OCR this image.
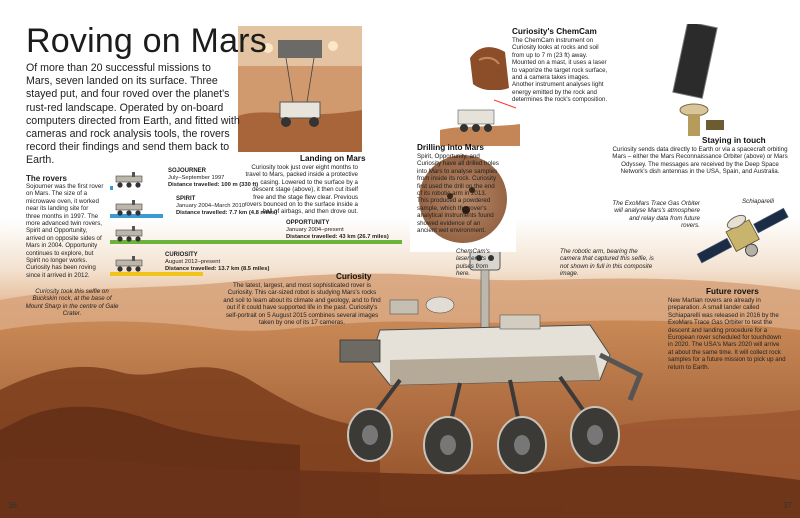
Roving on Mars
Of more than 20 successful missions to Mars, seven landed on its surface. Three stayed put, and four roved over the planet's rust-red landscape. Operated by on-board computers directed from Earth, and fitted with cameras and rock analysis tools, the rovers record their findings and send them back to Earth.
The rovers
Sojourner was the first rover on Mars. The size of a microwave oven, it worked near its landing site for three months in 1997. The more advanced twin rovers, Spirit and Opportunity, arrived on opposite sides of Mars in 2004. Opportunity continues to explore, but Spirit no longer works. Curiosity has been roving since it arrived in 2012.
SOJOURNER

July–September 1997
Distance travelled: 100 m (330 ft)
SPIRIT

January 2004–March 2010
Distance travelled: 7.7 km (4.8 miles)
OPPORTUNITY

January 2004–present
Distance travelled: 43 km (26.7 miles)
CURIOSITY

August 2012–present
Distance travelled: 13.7 km (8.5 miles)
Landing on Mars
Curiosity took just over eight months to travel to Mars, packed inside a protective casing. Lowered to the surface by a descent stage (above), it then cut itself free and the stage flew clear. Previous rovers bounced on to the surface inside a ball of airbags, and then drove out.
Curiosity's ChemCam
The ChemCam instrument on Curiosity looks at rocks and soil from up to 7 m (23 ft) away. Mounted on a mast, it uses a laser to vaporize the target rock surface, and a camera takes images. Another instrument analyses light energy emitted by the rock and determines the rock's composition.
Drilling into Mars
Spirit, Opportunity, and Curiosity have all drilled holes into Mars to analyse samples from inside its rock. Curiosity first used the drill on the end of its robotic arm in 2013. This produced a powdered sample, which the rover's analytical instruments found showed evidence of an ancient wet environment.
Staying in touch
Curiosity sends data directly to Earth or via a spacecraft orbiting Mars – either the Mars Reconnaissance Orbiter (above) or Mars Odyssey. The messages are received by the Deep Space Network's dish antennas in the USA, Spain, and Australia.
The ExoMars Trace Gas Orbiter will analyse Mars's atmosphere and relay data from future rovers.
Schiaparelli
Future rovers
New Martian rovers are already in preparation. A small lander called Schiaparelli was released in 2016 by the ExoMars Trace Gas Orbiter to test the descent and landing procedure for a European rover scheduled for touchdown in 2020. The USA's Mars 2020 will arrive at about the same time. It will collect rock samples for a future mission to pick up and return to Earth.
Curiosity
The latest, largest, and most sophisticated rover is Curiosity. This car-sized robot is studying Mars's rocks and soil to learn about its climate and geology, and to find out if it could have supported life in the past. Curiosity's self-portrait on 5 August 2015 combines several images taken by one of its 17 cameras.
ChemCam's laser emits pulses from here.
The robotic arm, bearing the camera that captured this selfie, is not shown in full in this composite image.
Curiosity took this selfie on Buckskin rock, at the base of Mount Sharp in the centre of Gale Crater.
36	37
